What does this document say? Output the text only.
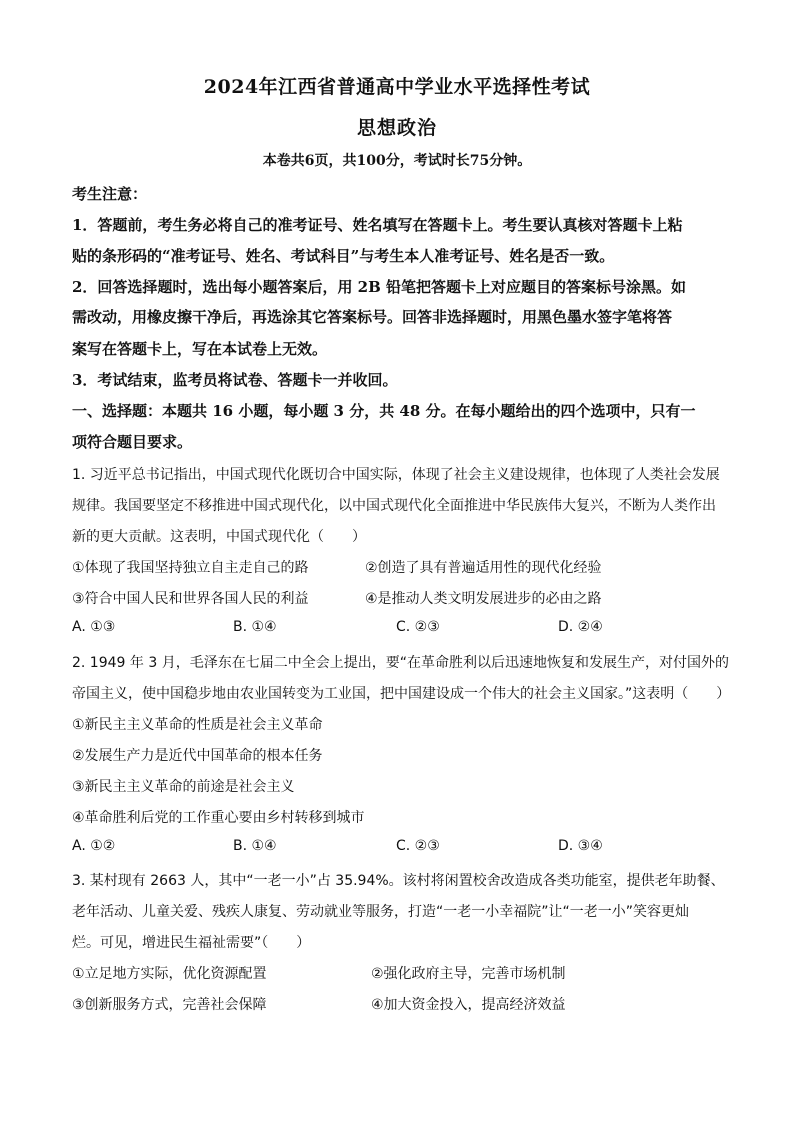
2024年江西省普通高中学业水平选择性考试
思想政治
本卷共6页，共100分，考试时长75分钟。
考生注意：
1．答题前，考生务必将自己的准考证号、姓名填写在答题卡上。考生要认真核对答题卡上粘
贴的条形码的“准考证号、姓名、考试科目”与考生本人准考证号、姓名是否一致。
2．回答选择题时，选出每小题答案后，用 2B 铅笔把答题卡上对应题目的答案标号涂黑。如
需改动，用橡皮擦干净后，再选涂其它答案标号。回答非选择题时，用黑色墨水签字笔将答
案写在答题卡上，写在本试卷上无效。
3．考试结束，监考员将试卷、答题卡一并收回。
一、选择题：本题共 16 小题，每小题 3 分，共 48 分。在每小题给出的四个选项中，只有一
项符合题目要求。
1. 习近平总书记指出，中国式现代化既切合中国实际，体现了社会主义建设规律，也体现了人类社会发展
规律。我国要坚定不移推进中国式现代化，以中国式现代化全面推进中华民族伟大复兴，不断为人类作出
新的更大贡献。这表明，中国式现代化（　　）
①体现了我国坚持独立自主走自己的路	②创造了具有普遍适用性的现代化经验
③符合中国人民和世界各国人民的利益	④是推动人类文明发展进步的必由之路
A. ①③	B. ①④	C. ②③	D. ②④
2. 1949 年 3 月，毛泽东在七届二中全会上提出，要“在革命胜利以后迅速地恢复和发展生产，对付国外的
帝国主义，使中国稳步地由农业国转变为工业国，把中国建设成一个伟大的社会主义国家。”这表明（　　）
①新民主主义革命的性质是社会主义革命
②发展生产力是近代中国革命的根本任务
③新民主主义革命的前途是社会主义
④革命胜利后党的工作重心要由乡村转移到城市
A. ①②	B. ①④	C. ②③	D. ③④
3. 某村现有 2663 人，其中“一老一小”占 35.94%。该村将闲置校舍改造成各类功能室，提供老年助餐、
老年活动、儿童关爱、残疾人康复、劳动就业等服务，打造“一老一小幸福院”让“一老一小”笑容更灿
烂。可见，增进民生福祉需要”（　　）
①立足地方实际，优化资源配置	②强化政府主导，完善市场机制
③创新服务方式，完善社会保障	④加大资金投入，提高经济效益
